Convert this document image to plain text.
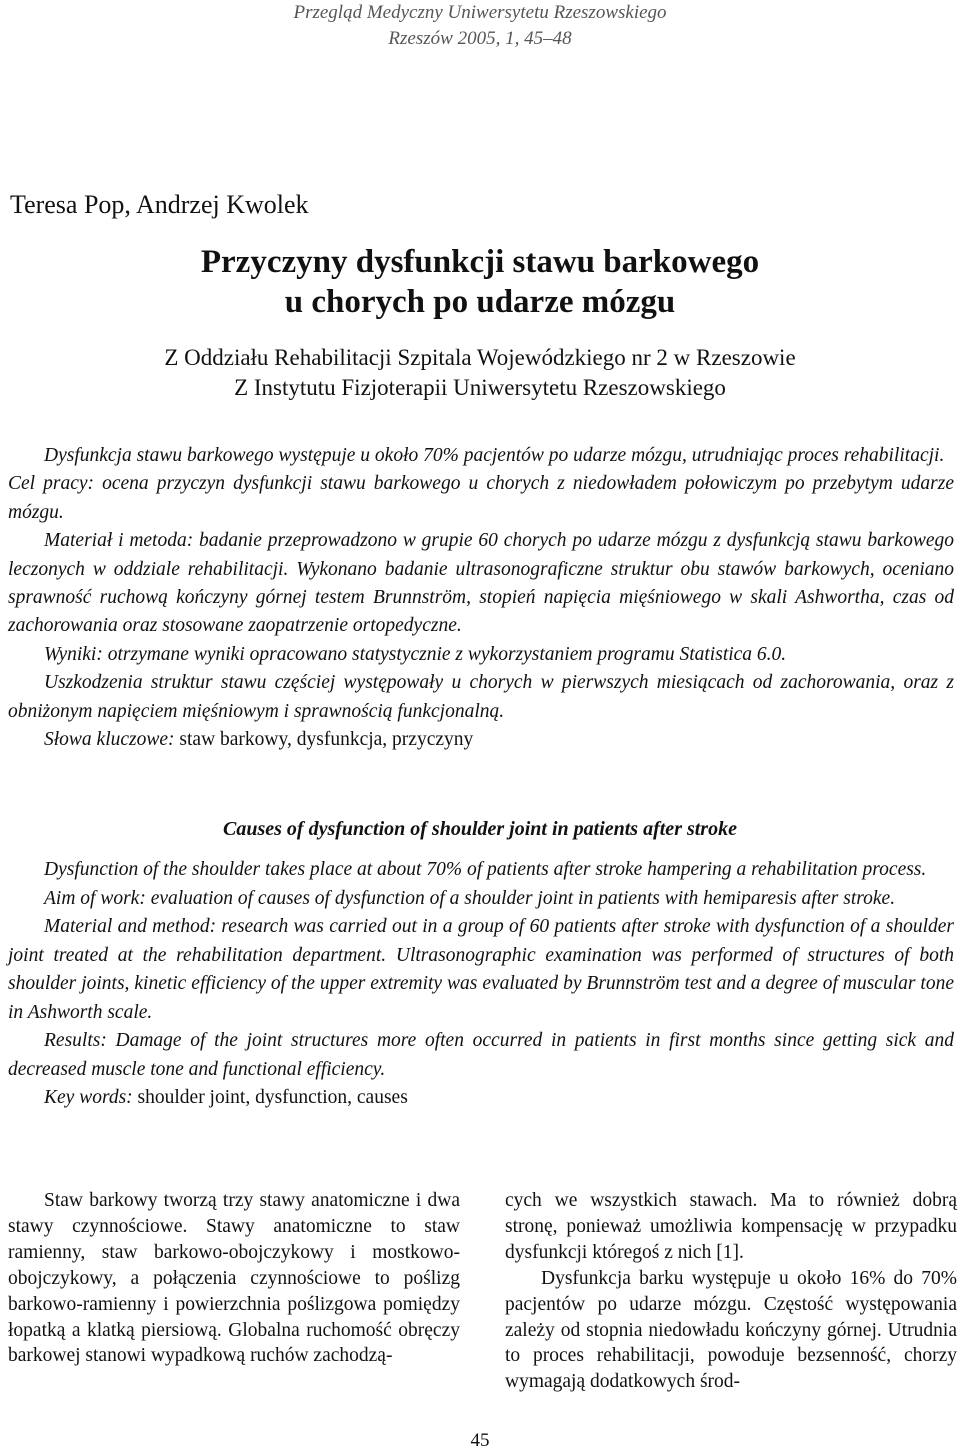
Przegląd Medyczny Uniwersytetu Rzeszowskiego
Rzeszów 2005, 1, 45–48
Teresa Pop, Andrzej Kwolek
Przyczyny dysfunkcji stawu barkowego
u chorych po udarze mózgu
Z Oddziału Rehabilitacji Szpitala Wojewódzkiego nr 2 w Rzeszowie
Z Instytutu Fizjoterapii Uniwersytetu Rzeszowskiego

Dysfunkcja stawu barkowego występuje u około 70% pacjentów po udarze mózgu, utrudniając proces rehabilitacji.

Cel pracy: ocena przyczyn dysfunkcji stawu barkowego u chorych z niedowładem połowiczym po przebytym udarze mózgu.

Materiał i metoda: badanie przeprowadzono w grupie 60 chorych po udarze mózgu z dysfunkcją stawu barkowego leczonych w oddziale rehabilitacji. Wykonano badanie ultrasonograficzne struktur obu stawów barkowych, oceniano sprawność ruchową kończyny górnej testem Brunnström, stopień napięcia mięśniowego w skali Ashwortha, czas od zachorowania oraz stosowane zaopatrzenie ortopedyczne.

Wyniki: otrzymane wyniki opracowano statystycznie z wykorzystaniem programu Statistica 6.0.

Uszkodzenia struktur stawu częściej występowały u chorych w pierwszych miesiącach od zachorowania, oraz z obniżonym napięciem mięśniowym i sprawnością funkcjonalną.

Słowa kluczowe: staw barkowy, dysfunkcja, przyczyny

Causes of dysfunction of shoulder joint in patients after stroke

Dysfunction of the shoulder takes place at about 70% of patients after stroke hampering a rehabilitation process.

Aim of work: evaluation of causes of dysfunction of a shoulder joint in patients with hemiparesis after stroke.

Material and method: research was carried out in a group of 60 patients after stroke with dysfunction of a shoulder joint treated at the rehabilitation department. Ultrasonographic examination was performed of structures of both shoulder joints, kinetic efficiency of the upper extremity was evaluated by Brunnström test and a degree of muscular tone in Ashworth scale.

Results: Damage of the joint structures more often occurred in patients in first months since getting sick and decreased muscle tone and functional efficiency.

Key words: shoulder joint, dysfunction, causes

Staw barkowy tworzą trzy stawy anatomiczne i dwa stawy czynnościowe. Stawy anatomiczne to staw ramienny, staw barkowo-obojczykowy i mostkowo-obojczykowy, a połączenia czynnościowe to poślizg barkowo-ramienny i powierzchnia poślizgowa pomiędzy łopatką a klatką piersiową. Globalna ruchomość obręczy barkowej stanowi wypadkową ruchów zachodzą-

cych we wszystkich stawach. Ma to również dobrą stronę, ponieważ umożliwia kompensację w przypadku dysfunkcji któregoś z nich [1].

Dysfunkcja barku występuje u około 16% do 70% pacjentów po udarze mózgu. Częstość występowania zależy od stopnia niedowładu kończyny górnej. Utrudnia to proces rehabilitacji, powoduje bezsenność, chorzy wymagają dodatkowych środ-

45
